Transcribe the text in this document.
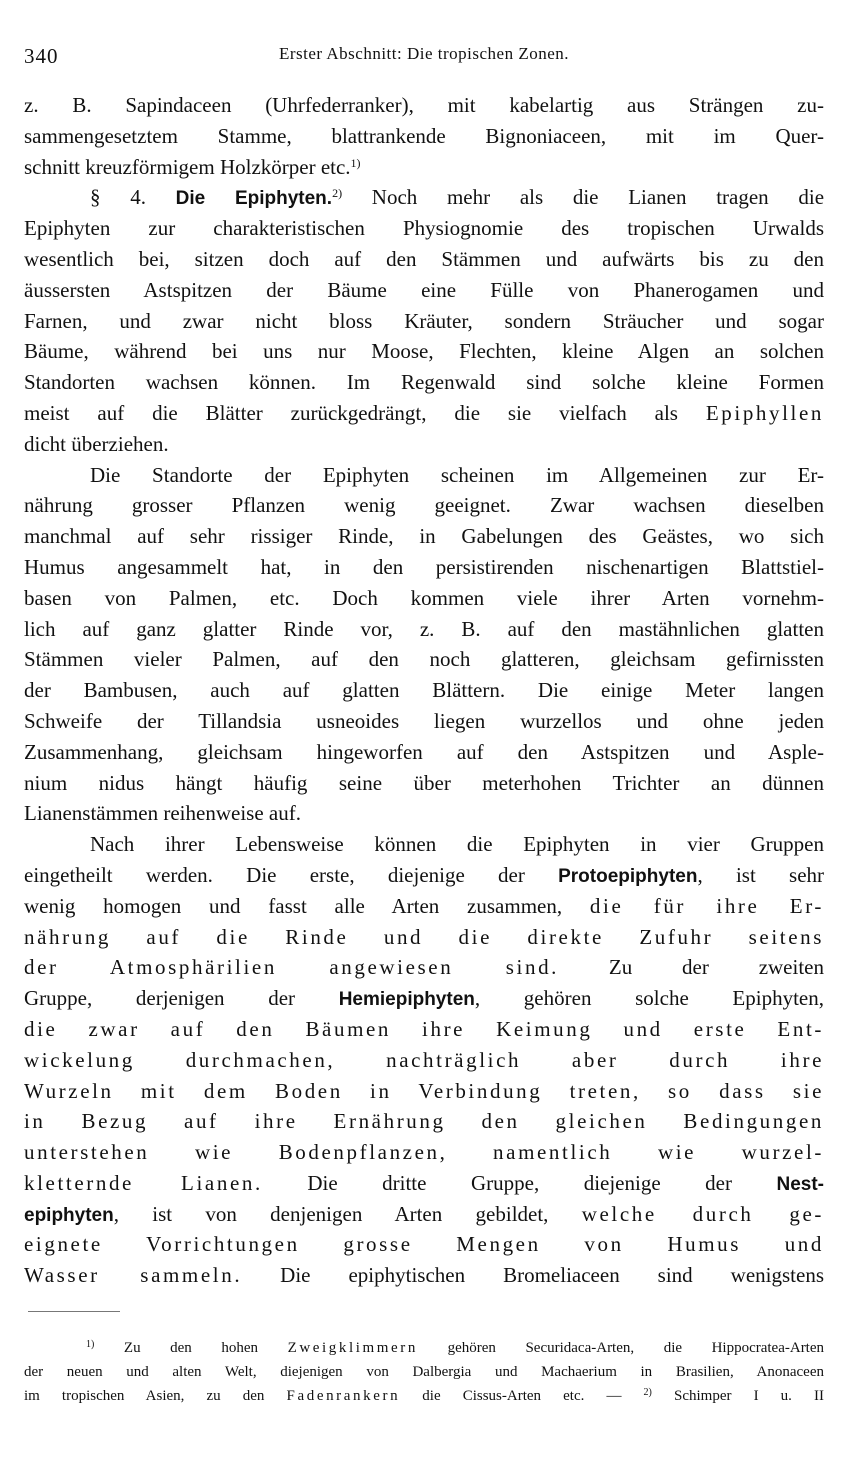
340	Erster Abschnitt: Die tropischen Zonen.
z. B. Sapindaceen (Uhrfederranker), mit kabelartig aus Strängen zu-
sammengesetztem Stamme, blattrankende Bignoniaceen, mit im Quer-
schnitt kreuzförmigem Holzkörper etc.$^{1)}$
§ 4. Die Epiphyten.$^{2)}$ Noch mehr als die Lianen tragen die
Epiphyten zur charakteristischen Physiognomie des tropischen Urwalds
wesentlich bei, sitzen doch auf den Stämmen und aufwärts bis zu den
äussersten Astspitzen der Bäume eine Fülle von Phanerogamen und
Farnen, und zwar nicht bloss Kräuter, sondern Sträucher und sogar
Bäume, während bei uns nur Moose, Flechten, kleine Algen an solchen
Standorten wachsen können. Im Regenwald sind solche kleine Formen
meist auf die Blätter zurückgedrängt, die sie vielfach als Epiphyllen
dicht überziehen.
Die Standorte der Epiphyten scheinen im Allgemeinen zur Er-
nährung grosser Pflanzen wenig geeignet. Zwar wachsen dieselben
manchmal auf sehr rissiger Rinde, in Gabelungen des Geästes, wo sich
Humus angesammelt hat, in den persistirenden nischenartigen Blattstiel-
basen von Palmen, etc. Doch kommen viele ihrer Arten vornehm-
lich auf ganz glatter Rinde vor, z. B. auf den mastähnlichen glatten
Stämmen vieler Palmen, auf den noch glatteren, gleichsam gefirnissten
der Bambusen, auch auf glatten Blättern. Die einige Meter langen
Schweife der Tillandsia usneoides liegen wurzellos und ohne jeden
Zusammenhang, gleichsam hingeworfen auf den Astspitzen und Asple-
nium nidus hängt häufig seine über meterhohen Trichter an dünnen
Lianenstämmen reihenweise auf.
Nach ihrer Lebensweise können die Epiphyten in vier Gruppen
eingetheilt werden. Die erste, diejenige der Protoepiphyten, ist sehr
wenig homogen und fasst alle Arten zusammen, die für ihre Er-
nährung auf die Rinde und die direkte Zufuhr seitens
der Atmosphärilien angewiesen sind. Zu der zweiten
Gruppe, derjenigen der Hemiepiphyten, gehören solche Epiphyten,
die zwar auf den Bäumen ihre Keimung und erste Ent-
wickelung durchmachen, nachträglich aber durch ihre
Wurzeln mit dem Boden in Verbindung treten, so dass sie
in Bezug auf ihre Ernährung den gleichen Bedingungen
unterstehen wie Bodenpflanzen, namentlich wie wurzel-
kletternde Lianen. Die dritte Gruppe, diejenige der Nest-
epiphyten, ist von denjenigen Arten gebildet, welche durch ge-
eignete Vorrichtungen grosse Mengen von Humus und
Wasser sammeln. Die epiphytischen Bromeliaceen sind wenigstens
$^{1)}$ Zu den hohen Zweigklimmern gehören Securidaca-Arten, die Hippocratea-Arten
der neuen und alten Welt, diejenigen von Dalbergia und Machaerium in Brasilien, Anonaceen
im tropischen Asien, zu den Fadenrankern die Cissus-Arten etc. — $^{2)}$ Schimper I u. II
